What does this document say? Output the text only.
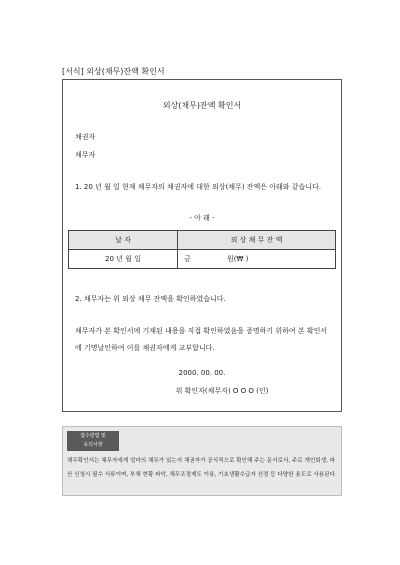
[서식] 외상(채무)잔액 확인서
외상(채무)잔액 확인서
채권자
채무자
1. 20 년 월 일 현재 채무자의 채권자에 대한 외상(채무) 잔액은 아래와 같습니다.
- 아 래 -
날 자	외 상 채 무 잔 액
20 년 월 일	금 원(₩ )
2. 채무자는 위 외상 채무 잔액을 확인하였습니다.
채무자가 본 확인서에 기재된 내용을 직접 확인하였음을 증명하기 위하여 본 확인서에 기명날인하여 이를 채권자에게 교부합니다.
2000. 00. 00.
위 확인자(채무자) O O O (인)
접수방법 및
유의사항
채무확인서는 채무자에게 얼마의 채무가 있는지 채권자가 공식적으로 확인해 주는 문서로서, 주로 개인회생, 파산 신청시 필수 서류이며, 부채 현황 파악, 채무조정제도 이용, 기초생활수급자 선정 등 다양한 용도로 사용된다.
